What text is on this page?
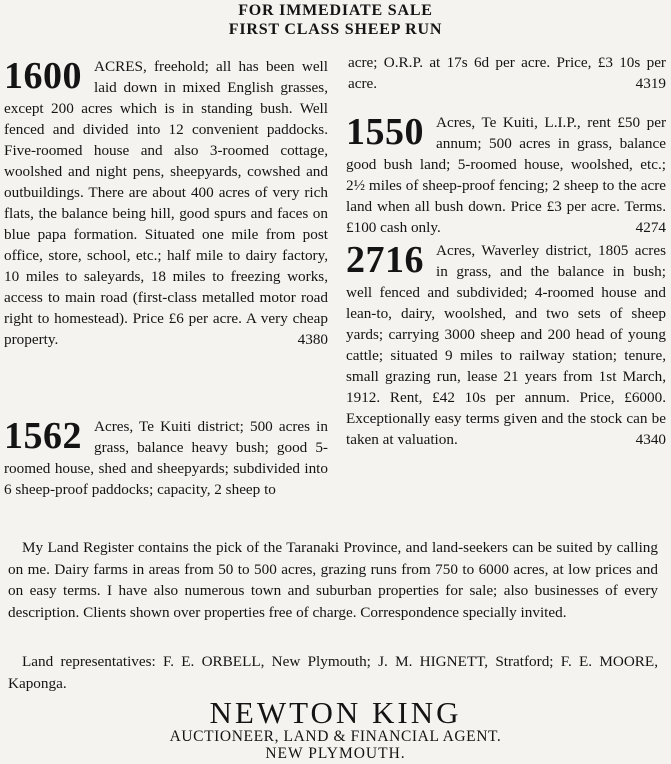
FOR IMMEDIATE SALE
FIRST CLASS SHEEP RUN
1600 ACRES, freehold; all has been well laid down in mixed English grasses, except 200 acres which is in standing bush. Well fenced and divided into 12 convenient paddocks. Five-roomed house and also 3-roomed cottage, woolshed and night pens, sheepyards, cowshed and outbuildings. There are about 400 acres of very rich flats, the balance being hill, good spurs and faces on blue papa formation. Situated one mile from post office, store, school, etc.; half mile to dairy factory, 10 miles to saleyards, 18 miles to freezing works, access to main road (first-class metalled motor road right to homestead). Price £6 per acre. A very cheap property.	4380
1562 Acres, Te Kuiti district; 500 acres in grass, balance heavy bush; good 5-roomed house, shed and sheepyards; subdivided into 6 sheep-proof paddocks; capacity, 2 sheep to
acre; O.R.P. at 17s 6d per acre. Price, £3 10s per acre.	4319
1550 Acres, Te Kuiti, L.I.P., rent £50 per annum; 500 acres in grass, balance good bush land; 5-roomed house, woolshed, etc.; 2½ miles of sheep-proof fencing; 2 sheep to the acre land when all bush down. Price £3 per acre. Terms. £100 cash only.	4274
2716 Acres, Waverley district, 1805 acres in grass, and the balance in bush; well fenced and subdivided; 4-roomed house and lean-to, dairy, woolshed, and two sets of sheep yards; carrying 3000 sheep and 200 head of young cattle; situated 9 miles to railway station; tenure, small grazing run, lease 21 years from 1st March, 1912. Rent, £42 10s per annum. Price, £6000. Exceptionally easy terms given and the stock can be taken at valuation.	4340
My Land Register contains the pick of the Taranaki Province, and land-seekers can be suited by calling on me. Dairy farms in areas from 50 to 500 acres, grazing runs from 750 to 6000 acres, at low prices and on easy terms. I have also numerous town and suburban properties for sale; also businesses of every description. Clients shown over properties free of charge. Correspondence specially invited.
Land representatives: F. E. ORBELL, New Plymouth; J. M. HIGNETT, Stratford; F. E. MOORE, Kaponga.
NEWTON KING
AUCTIONEER, LAND & FINANCIAL AGENT.
NEW PLYMOUTH.
